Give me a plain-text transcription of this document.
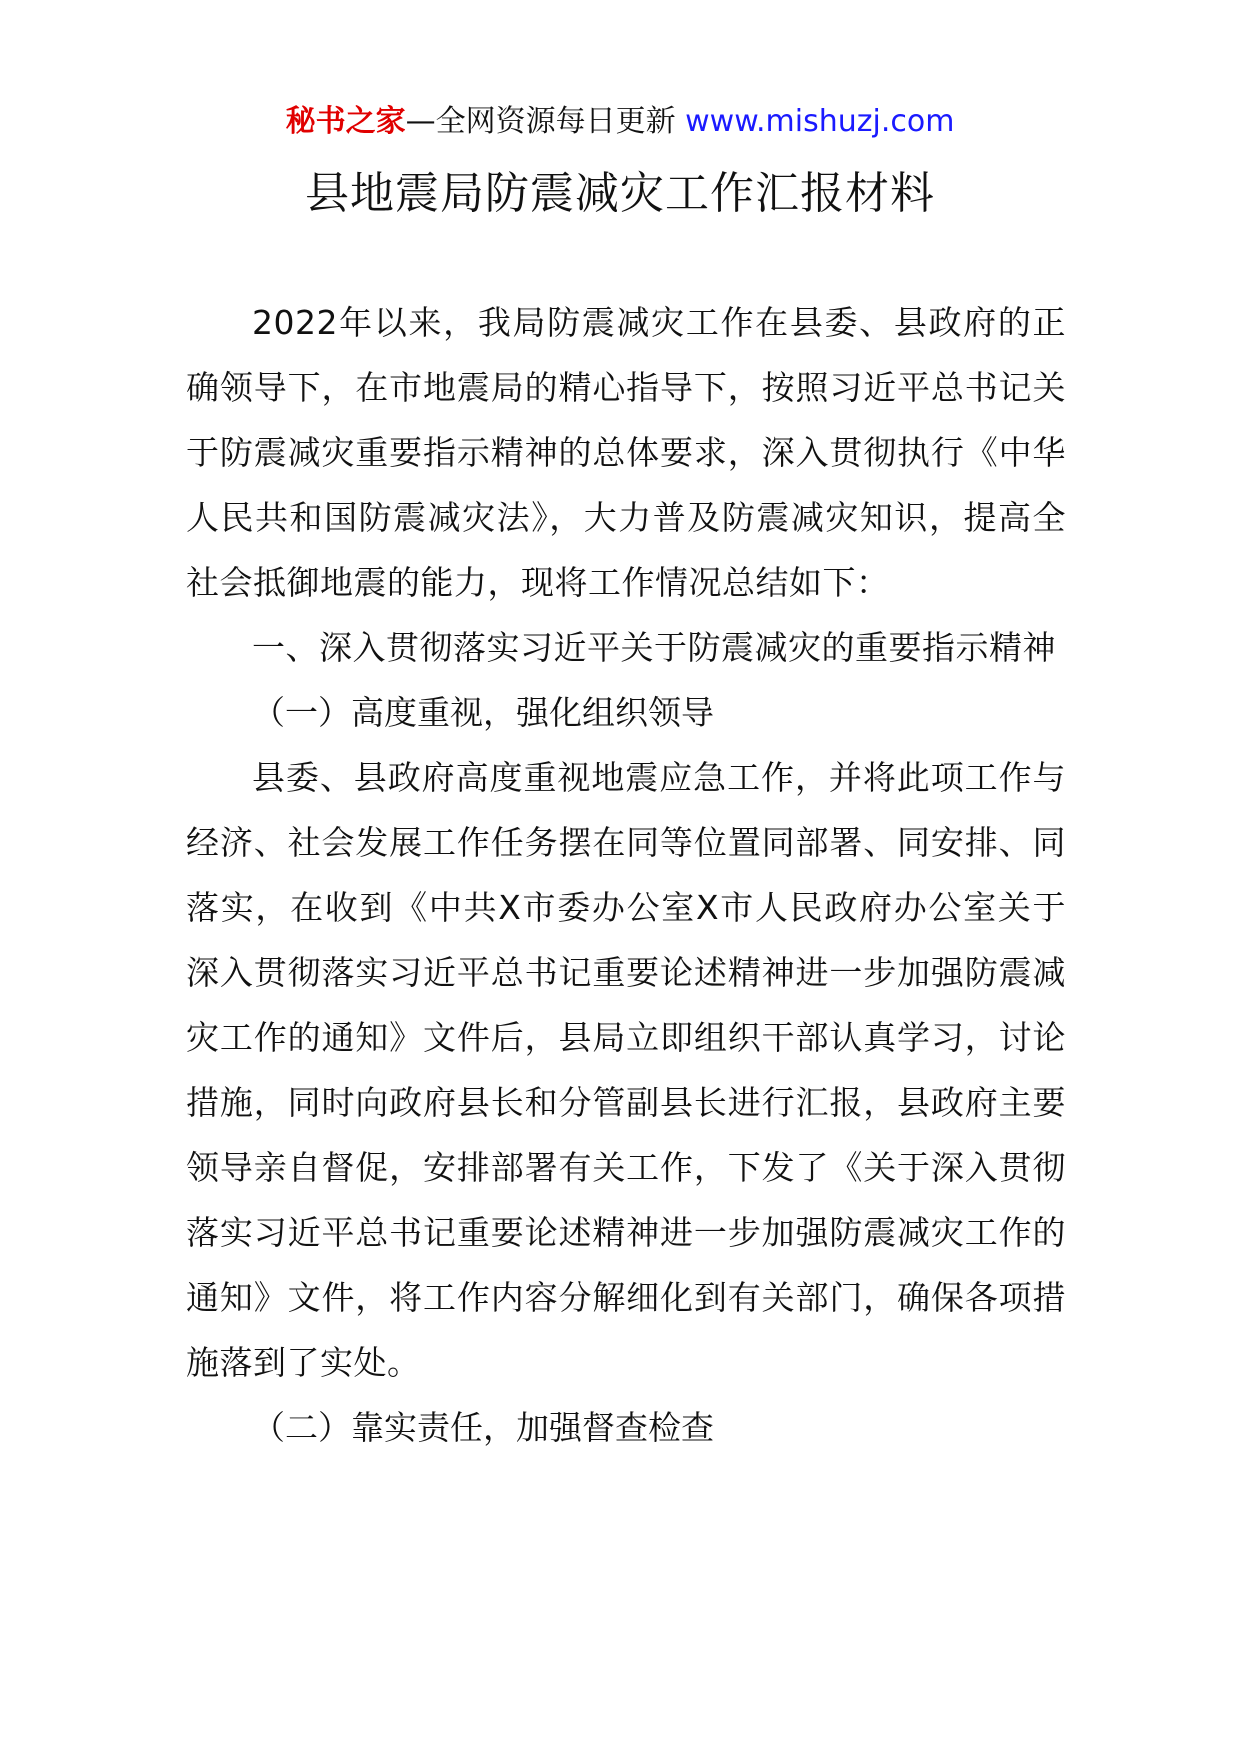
秘书之家—全网资源每日更新 www.mishuzj.com
县地震局防震减灾工作汇报材料

2022年以来，我局防震减灾工作在县委、县政府的正确领导下，在市地震局的精心指导下，按照习近平总书记关于防震减灾重要指示精神的总体要求，深入贯彻执行《中华人民共和国防震减灾法》，大力普及防震减灾知识，提高全社会抵御地震的能力，现将工作情况总结如下：

一、深入贯彻落实习近平关于防震减灾的重要指示精神

（一）高度重视，强化组织领导

县委、县政府高度重视地震应急工作，并将此项工作与经济、社会发展工作任务摆在同等位置同部署、同安排、同落实，在收到《中共X市委办公室X市人民政府办公室关于深入贯彻落实习近平总书记重要论述精神进一步加强防震减灾工作的通知》文件后，县局立即组织干部认真学习，讨论措施，同时向政府县长和分管副县长进行汇报，县政府主要领导亲自督促，安排部署有关工作，下发了《关于深入贯彻落实习近平总书记重要论述精神进一步加强防震减灾工作的通知》文件，将工作内容分解细化到有关部门，确保各项措施落到了实处。

（二）靠实责任，加强督查检查
